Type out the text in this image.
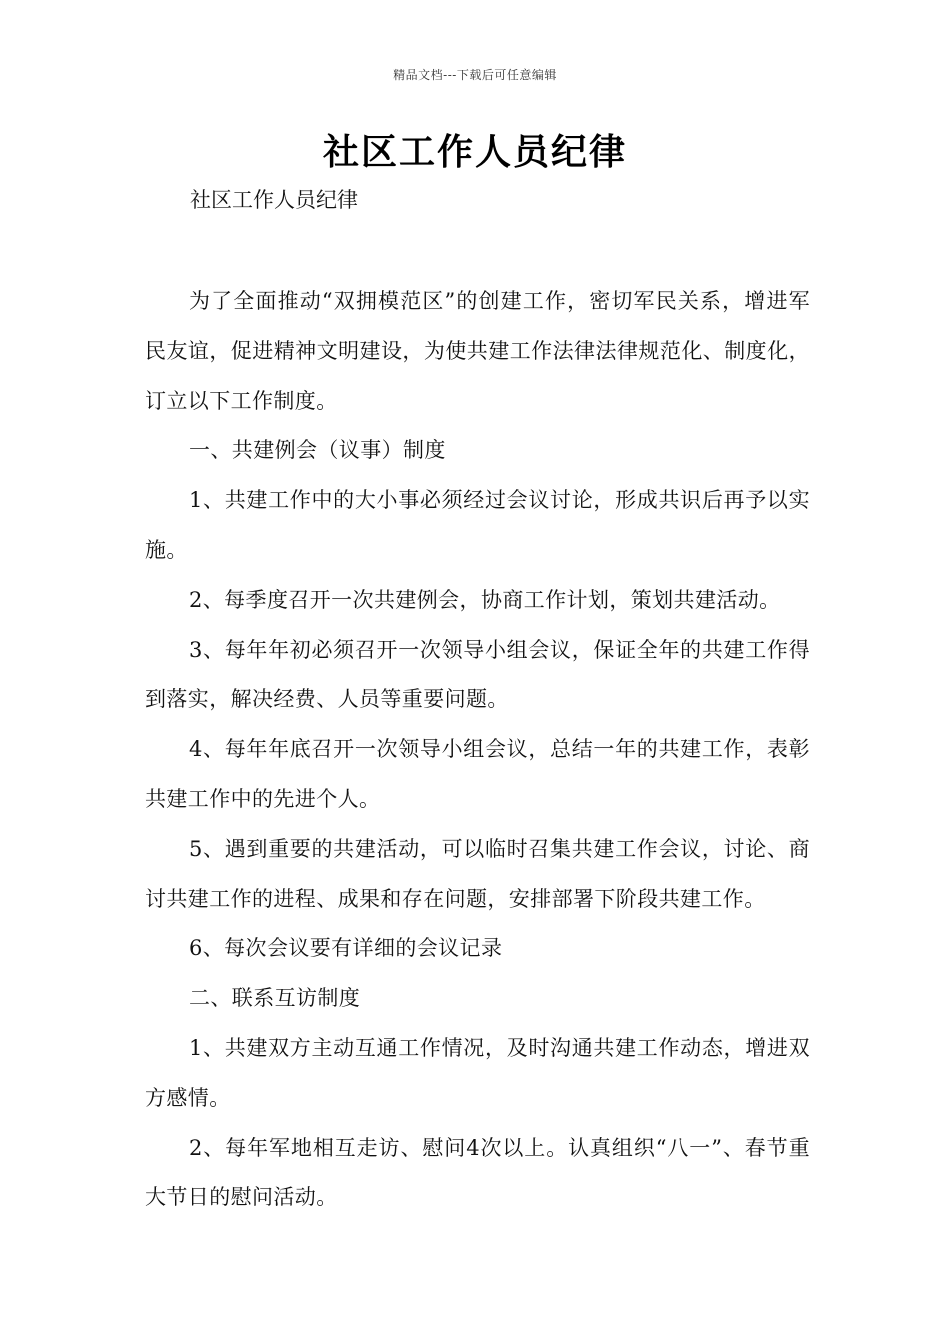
精品文档---下载后可任意编辑
社区工作人员纪律

社区工作人员纪律

为了全面推动“双拥模范区”的创建工作，密切军民关系，增进军民友谊，促进精神文明建设，为使共建工作法律法律规范化、制度化，订立以下工作制度。

一、共建例会（议事）制度

1、共建工作中的大小事必须经过会议讨论，形成共识后再予以实施。

2、每季度召开一次共建例会，协商工作计划，策划共建活动。

3、每年年初必须召开一次领导小组会议，保证全年的共建工作得到落实，解决经费、人员等重要问题。

4、每年年底召开一次领导小组会议，总结一年的共建工作，表彰共建工作中的先进个人。

5、遇到重要的共建活动，可以临时召集共建工作会议，讨论、商讨共建工作的进程、成果和存在问题，安排部署下阶段共建工作。

6、每次会议要有详细的会议记录

二、联系互访制度

1、共建双方主动互通工作情况，及时沟通共建工作动态，增进双方感情。

2、每年军地相互走访、慰问4次以上。认真组织“八一”、春节重大节日的慰问活动。
